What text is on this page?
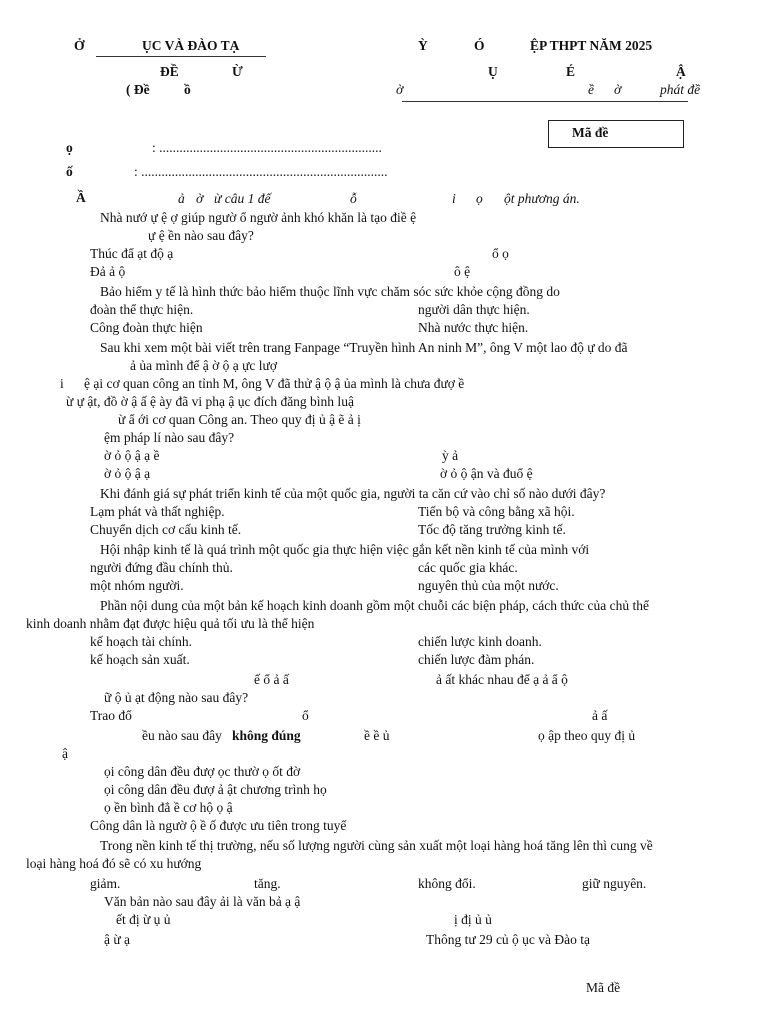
Ở	ỤC VÀ ĐÀO TẠ	Ỳ	Ó	ỆP THPT NĂM 2025
ĐỀ	Ừ
( Đề	ồ
Ụ	É	Ậ
ờ	ề ờ	phát đề
Mã đề
ọ	: ..................................................................
ố	: .........................................................................
Ầ	ả ờ ừ câu 1 đế	ỗ	i ọ ột phương án.
Nhà nướ ự ệ ợ giúp ngườ ổ ngườ ảnh khó khăn là tạo điề ệ
ự ệ ền nào sau đây?
Thúc đẩ ạt độ ạ	ổ ọ
Đả ả ộ	ô ệ
Bảo hiểm y tế là hình thức bảo hiểm thuộc lĩnh vực chăm sóc sức khỏe cộng đồng do
đoàn thể thực hiện.	người dân thực hiện.
Công đoàn thực hiện	Nhà nước thực hiện.
Sau khi xem một bài viết trên trang Fanpage “Truyền hình An ninh M”, ông V một lao độ ự do đã
ả ủa mình để ậ ờ ộ ạ ực lượ
i ệ ại cơ quan công an tỉnh M, ông V đã thử ậ ộ ậ ủa mình là chưa đượ ề
ừ ự ật, đồ ờ ậ ấ ệ ày đã vi phạ ậ ục đích đăng bình luậ
ừ ẩ ới cơ quan Công an. Theo quy đị ủ ậ ẽ ả ị
ệm pháp lí nào sau đây?
ờ ỏ ộ ậ ạ ề	ỳ ả
ờ ỏ ộ ậ ạ	ờ ỏ ộ ận và đuổ ệ
Khi đánh giá sự phát triển kinh tế của một quốc gia, người ta căn cứ vào chỉ số nào dưới đây?
Lạm phát và thất nghiệp.	Tiến bộ và công bằng xã hội.
Chuyển dịch cơ cấu kinh tế.	Tốc độ tăng trưởng kinh tế.
Hội nhập kinh tế là quá trình một quốc gia thực hiện việc gắn kết nền kinh tế của mình với
người đứng đầu chính thủ.	các quốc gia khác.
một nhóm người.	nguyên thủ của một nước.
Phần nội dung của một bản kế hoạch kinh doanh gồm một chuỗi các biện pháp, cách thức của chủ thể
kinh doanh nhằm đạt được hiệu quả tối ưu là thể hiện
kế hoạch tài chính.	chiến lược kinh doanh.
kế hoạch sản xuất.	chiến lược đàm phán.
ế ổ ả ấ	ả ất khác nhau để ạ ả ẩ ộ
ữ ộ ủ ạt động nào sau đây?
Trao đổ	ổ	ả ấ
ều nào sau đây không đúng	ề ề ủ	ọ ập theo quy đị ủ
ậ
ọi công dân đều đượ ọc thườ ọ ốt đờ
ọi công dân đều đượ ả ật chương trình họ
ọ ền bình đẳ ề cơ hộ ọ ậ
Công dân là ngườ ộ ề ố được ưu tiên trong tuyể
Trong nền kinh tế thị trường, nếu số lượng người cùng sản xuất một loại hàng hoá tăng lên thì cung về
loại hàng hoá đó sẽ có xu hướng
giảm.	tăng.	không đổi.	giữ nguyên.
Văn bản nào sau đây ải là văn bả ạ ậ
ết đị ừ ụ ủ	ị đị ủ ủ
ậ ừ ạ	Thông tư 29 củ ộ ục và Đào tạ
Mã đề
